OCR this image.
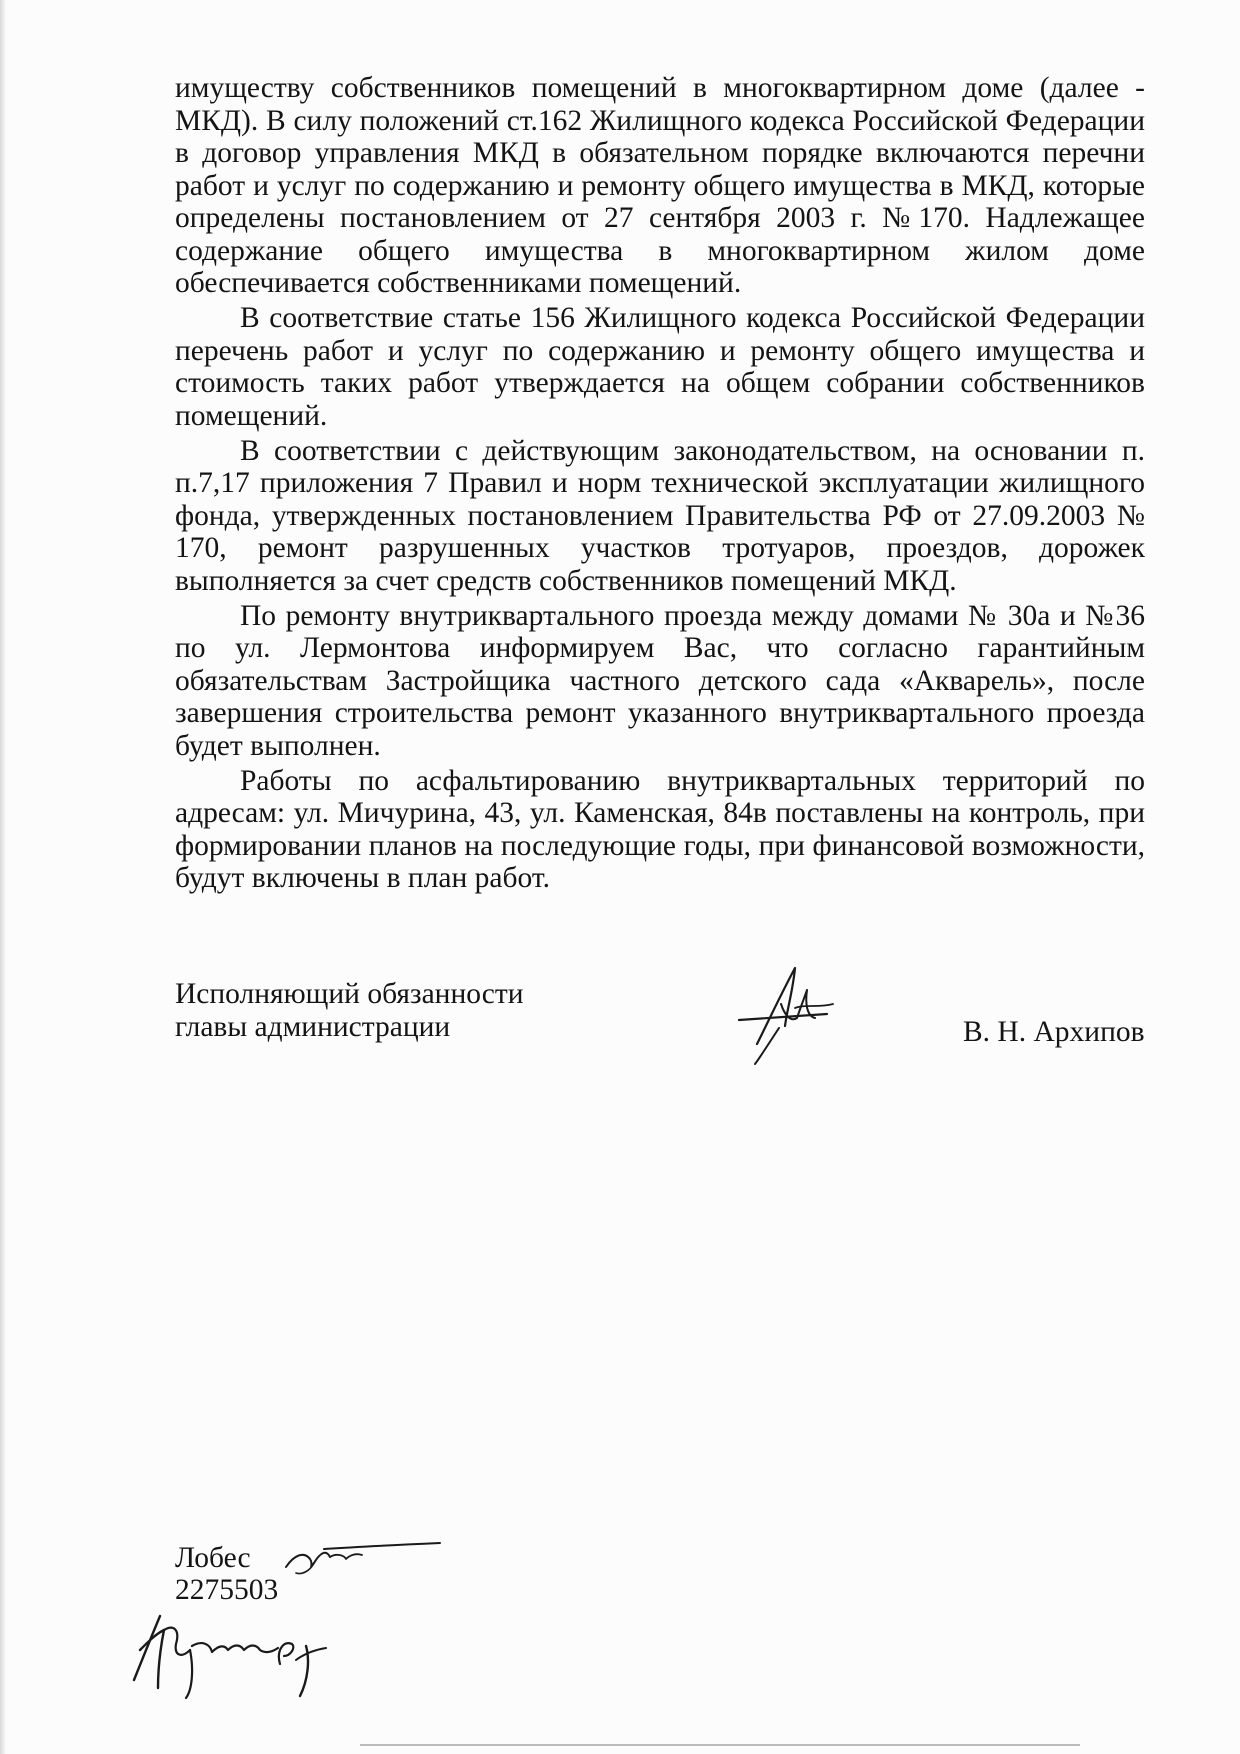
имуществу собственников помещений в многоквартирном доме (далее - МКД). В силу положений ст.162 Жилищного кодекса Российской Федерации в договор управления МКД в обязательном порядке включаются перечни работ и услуг по содержанию и ремонту общего имущества в МКД, которые определены постановлением от 27 сентября 2003 г. №170. Надлежащее содержание общего имущества в многоквартирном жилом доме обеспечивается собственниками помещений.

В соответствие статье 156 Жилищного кодекса Российской Федерации перечень работ и услуг по содержанию и ремонту общего имущества и стоимость таких работ утверждается на общем собрании собственников помещений.

В соответствии с действующим законодательством, на основании п. п.7,17 приложения 7 Правил и норм технической эксплуатации жилищного фонда, утвержденных постановлением Правительства РФ от 27.09.2003 № 170, ремонт разрушенных участков тротуаров, проездов, дорожек выполняется за счет средств собственников помещений МКД.

По ремонту внутриквартального проезда между домами № 30а и №36 по ул. Лермонтова информируем Вас, что согласно гарантийным обязательствам Застройщика частного детского сада «Акварель», после завершения строительства ремонт указанного внутриквартального проезда будет выполнен.

Работы по асфальтированию внутриквартальных территорий по адресам: ул. Мичурина, 43, ул. Каменская, 84в поставлены на контроль, при формировании планов на последующие годы, при финансовой возможности, будут включены в план работ.

Исполняющий обязанности
главы администрации	В. Н. Архипов
Лобес
2275503
